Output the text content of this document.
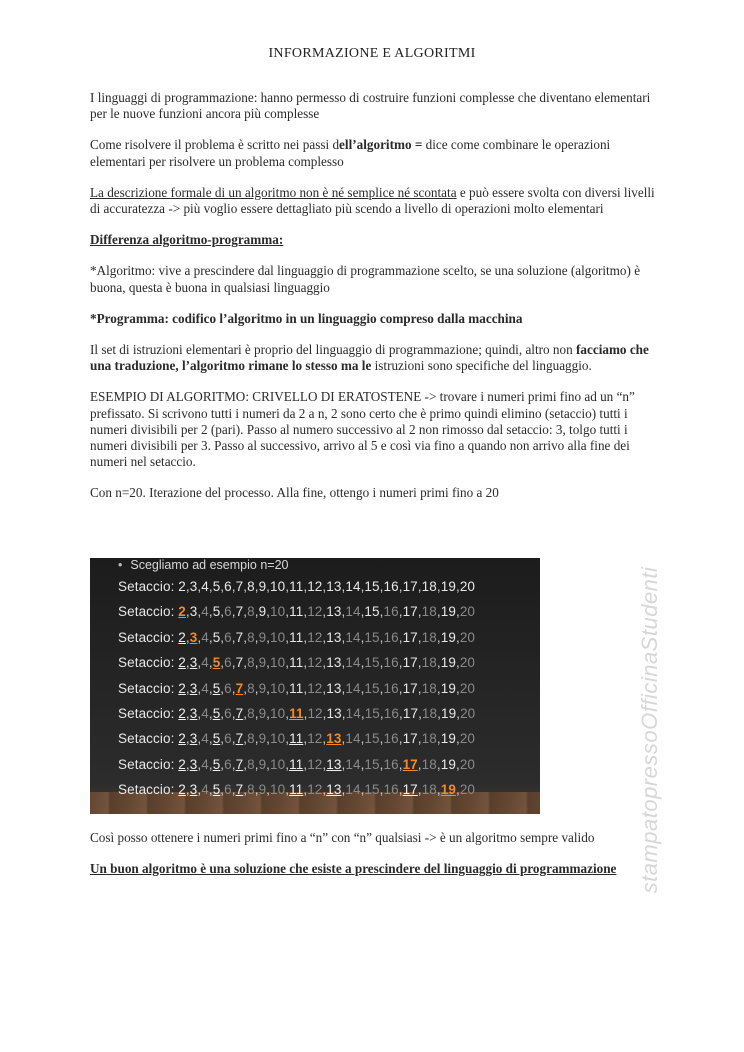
INFORMAZIONE E ALGORITMI

I linguaggi di programmazione: hanno permesso di costruire funzioni complesse che diventano elementari per le nuove funzioni ancora più complesse

Come risolvere il problema è scritto nei passi dell’algoritmo = dice come combinare le operazioni elementari per risolvere un problema complesso

La descrizione formale di un algoritmo non è né semplice né scontata e può essere svolta con diversi livelli di accuratezza -> più voglio essere dettagliato più scendo a livello di operazioni molto elementari

Differenza algoritmo-programma:

*Algoritmo: vive a prescindere dal linguaggio di programmazione scelto, se una soluzione (algoritmo) è buona, questa è buona in qualsiasi linguaggio

*Programma: codifico l’algoritmo in un linguaggio compreso dalla macchina

Il set di istruzioni elementari è proprio del linguaggio di programmazione; quindi, altro non facciamo che una traduzione, l’algoritmo rimane lo stesso ma le istruzioni sono specifiche del linguaggio.

ESEMPIO DI ALGORITMO: CRIVELLO DI ERATOSTENE -> trovare i numeri primi fino ad un “n” prefissato. Si scrivono tutti i numeri da 2 a n, 2 sono certo che è primo quindi elimino (setaccio) tutti i numeri divisibili per 2 (pari). Passo al numero successivo al 2 non rimosso dal setaccio: 3, tolgo tutti i numeri divisibili per 3. Passo al successivo, arrivo al 5 e così via fino a quando non arrivo alla fine dei numeri nel setaccio.

Con n=20. Iterazione del processo. Alla fine, ottengo i numeri primi fino a 20

• Scegliamo ad esempio n=20
Setaccio: 2,3,4,5,6,7,8,9,10,11,12,13,14,15,16,17,18,19,20
Setaccio: 2,3,4,5,6,7,8,9,10,11,12,13,14,15,16,17,18,19,20
Setaccio: 2,3,4,5,6,7,8,9,10,11,12,13,14,15,16,17,18,19,20
Setaccio: 2,3,4,5,6,7,8,9,10,11,12,13,14,15,16,17,18,19,20
Setaccio: 2,3,4,5,6,7,8,9,10,11,12,13,14,15,16,17,18,19,20
Setaccio: 2,3,4,5,6,7,8,9,10,11,12,13,14,15,16,17,18,19,20
Setaccio: 2,3,4,5,6,7,8,9,10,11,12,13,14,15,16,17,18,19,20
Setaccio: 2,3,4,5,6,7,8,9,10,11,12,13,14,15,16,17,18,19,20
Setaccio: 2,3,4,5,6,7,8,9,10,11,12,13,14,15,16,17,18,19,20

Così posso ottenere i numeri primi fino a “n” con “n” qualsiasi -> è un algoritmo sempre valido

Un buon algoritmo è una soluzione che esiste a prescindere del linguaggio di programmazione stampatopressoOfficinaStudenti
